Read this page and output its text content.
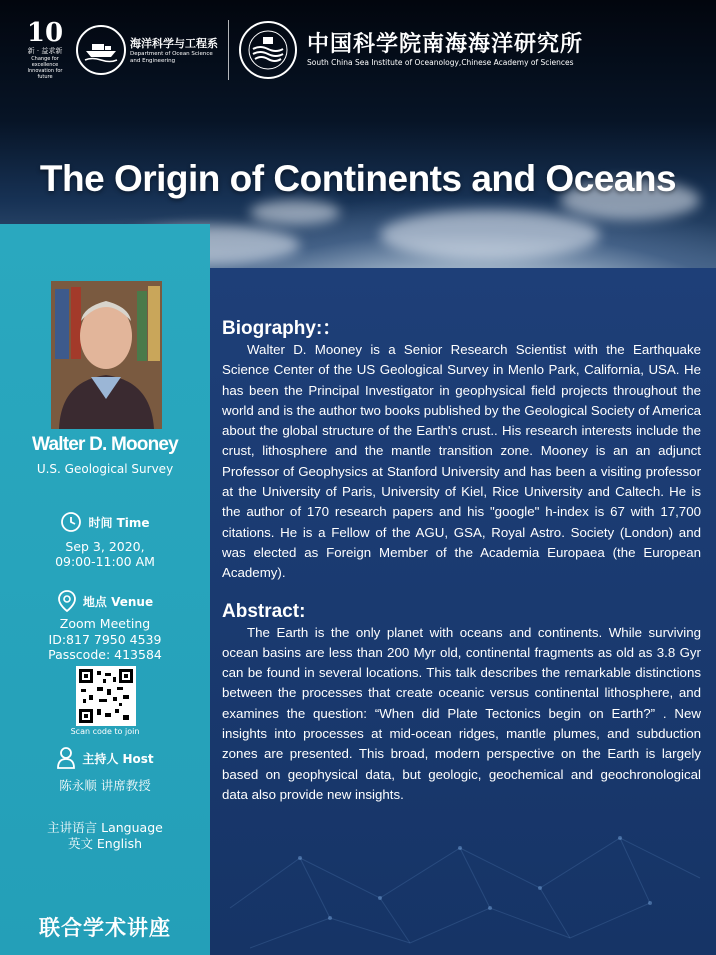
10
新 · 益求新
Change for excellence
Innovation for future
海洋科学与工程系
Department of Ocean Science
and Engineering
中国科学院南海海洋研究所
South China Sea Institute of Oceanology,Chinese Academy of Sciences
The Origin of Continents and Oceans
Walter D. Mooney
U.S. Geological Survey
时间 Time
Sep 3, 2020,
09:00-11:00 AM
地点 Venue
Zoom Meeting
ID:817 7950 4539
Passcode: 413584
Scan code to join
主持人 Host
陈永顺 讲席教授
主讲语言 Language
英文 English
联合学术讲座
Biography:：
Walter D. Mooney is a Senior Research Scientist with the Earthquake Science Center of the US Geological Survey in Menlo Park, California, USA. He has been the Principal Investigator in geophysical field projects throughout the world and is the author two books published by the Geological Society of America about the global structure of the Earth's crust.. His research interests include the crust, lithosphere and the mantle transition zone. Mooney is an an adjunct Professor of Geophysics at Stanford University and has been a visiting professor at the University of Paris, University of Kiel, Rice University and Caltech. He is the author of 170 research papers and his "google" h-index is 67 with 17,700 citations. He is a Fellow of the AGU, GSA, Royal Astro. Society (London) and was elected as Foreign Member of the Academia Europaea (the European Academy).
Abstract:
The Earth is the only planet with oceans and continents. While surviving ocean basins are less than 200 Myr old, continental fragments as old as 3.8 Gyr can be found in several locations. This talk describes the remarkable distinctions between the processes that create oceanic versus continental lithosphere, and examines the question: “When did Plate Tectonics begin on Earth?” . New insights into processes at mid-ocean ridges, mantle plumes, and subduction zones are presented. This broad, modern perspective on the Earth is largely based on geophysical data, but geologic, geochemical and geochronological data also provide new insights.
